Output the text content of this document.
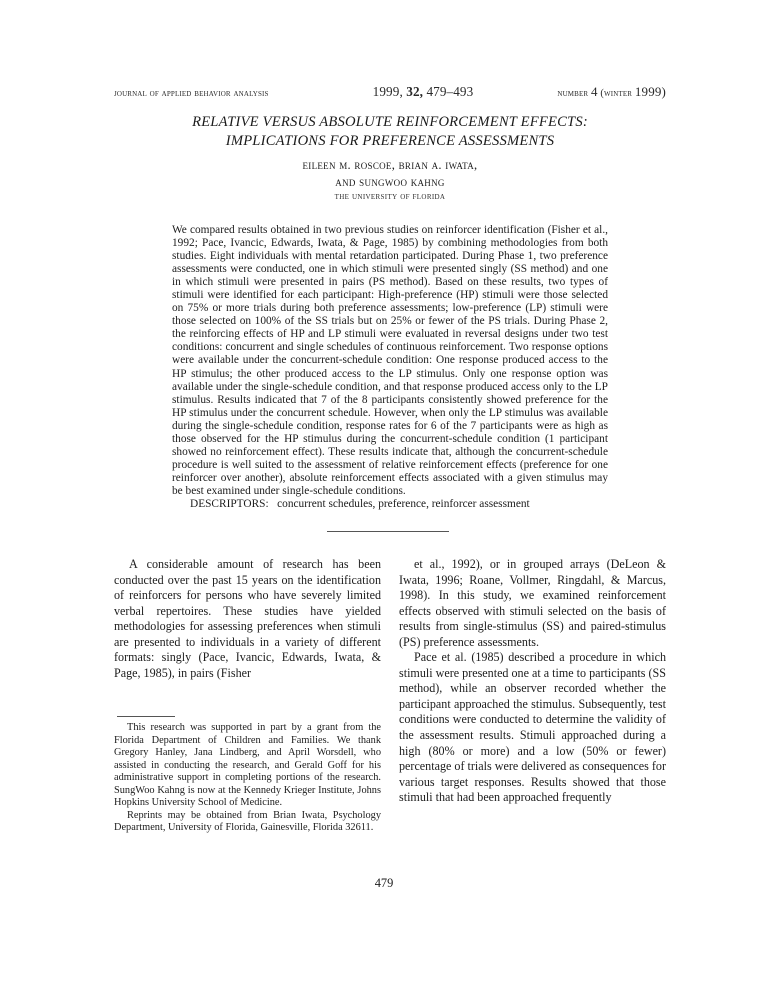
journal of applied behavior analysis	1999, 32, 479–493	number 4 (winter 1999)
RELATIVE VERSUS ABSOLUTE REINFORCEMENT EFFECTS:
IMPLICATIONS FOR PREFERENCE ASSESSMENTS
eileen m. roscoe, brian a. iwata,
and sungwoo kahng
the university of florida
We compared results obtained in two previous studies on reinforcer identification (Fisher et al., 1992; Pace, Ivancic, Edwards, Iwata, & Page, 1985) by combining methodologies from both studies. Eight individuals with mental retardation participated. During Phase 1, two preference assessments were conducted, one in which stimuli were presented singly (SS method) and one in which stimuli were presented in pairs (PS method). Based on these results, two types of stimuli were identified for each participant: High-preference (HP) stimuli were those selected on 75% or more trials during both preference assessments; low-preference (LP) stimuli were those selected on 100% of the SS trials but on 25% or fewer of the PS trials. During Phase 2, the reinforcing effects of HP and LP stimuli were evaluated in reversal designs under two test conditions: concurrent and single schedules of continuous reinforcement. Two response options were available under the concurrent-schedule condition: One response produced access to the HP stimulus; the other produced access to the LP stimulus. Only one response option was available under the single-schedule condition, and that response produced access only to the LP stimulus. Results indicated that 7 of the 8 participants consistently showed preference for the HP stimulus under the concurrent schedule. However, when only the LP stimulus was available during the single-schedule condition, response rates for 6 of the 7 participants were as high as those observed for the HP stimulus during the concurrent-schedule condition (1 participant showed no reinforcement effect). These results indicate that, although the concurrent-schedule procedure is well suited to the assessment of relative reinforcement effects (preference for one reinforcer over another), absolute reinforcement effects associated with a given stimulus may be best examined under single-schedule conditions.
DESCRIPTORS: concurrent schedules, preference, reinforcer assessment

A considerable amount of research has been conducted over the past 15 years on the identification of reinforcers for persons who have severely limited verbal repertoires. These studies have yielded methodologies for assessing preferences when stimuli are presented to individuals in a variety of different formats: singly (Pace, Ivancic, Edwards, Iwata, & Page, 1985), in pairs (Fisher

et al., 1992), or in grouped arrays (DeLeon & Iwata, 1996; Roane, Vollmer, Ringdahl, & Marcus, 1998). In this study, we examined reinforcement effects observed with stimuli selected on the basis of results from single-stimulus (SS) and paired-stimulus (PS) preference assessments.

Pace et al. (1985) described a procedure in which stimuli were presented one at a time to participants (SS method), while an observer recorded whether the participant approached the stimulus. Subsequently, test conditions were conducted to determine the validity of the assessment results. Stimuli approached during a high (80% or more) and a low (50% or fewer) percentage of trials were delivered as consequences for various target responses. Results showed that those stimuli that had been approached frequently

This research was supported in part by a grant from the Florida Department of Children and Families. We thank Gregory Hanley, Jana Lindberg, and April Worsdell, who assisted in conducting the research, and Gerald Goff for his administrative support in completing portions of the research. SungWoo Kahng is now at the Kennedy Krieger Institute, Johns Hopkins University School of Medicine.

Reprints may be obtained from Brian Iwata, Psychology Department, University of Florida, Gainesville, Florida 32611.

479
